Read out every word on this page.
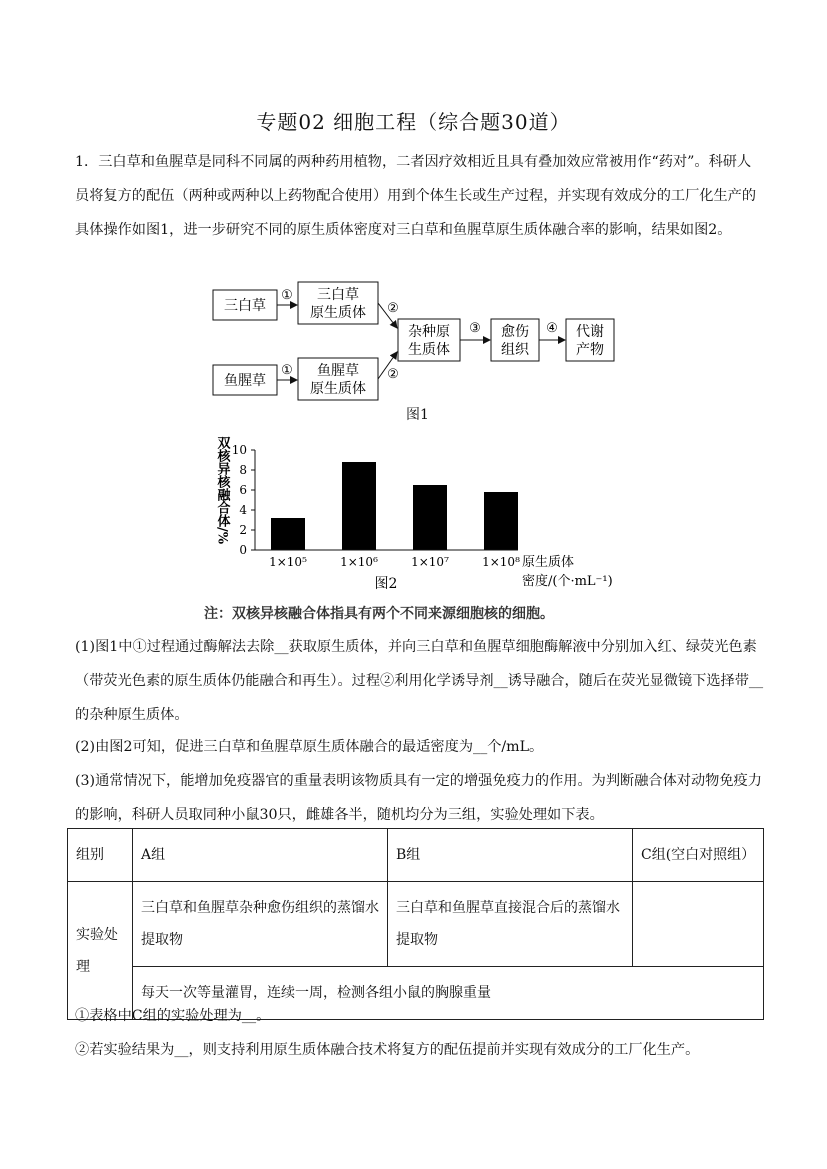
专题02 细胞工程（综合题30道）
1．三白草和鱼腥草是同科不同属的两种药用植物，二者因疗效相近且具有叠加效应常被用作“药对”。科研人员将复方的配伍（两种或两种以上药物配合使用）用到个体生长或生产过程，并实现有效成分的工厂化生产的具体操作如图1，进一步研究不同的原生质体密度对三白草和鱼腥草原生质体融合率的影响，结果如图2。
三白草
鱼腥草
三白草
原生质体
鱼腥草
原生质体
杂种原
生质体
愈伤
组织
代谢
产物
①
①
②
②
③	④
图1
双核异核融合体/%
0
2
4
6
8
10
1×10⁵	1×10⁶	1×10⁷	1×10⁸ 原生质体
密度/(个·mL⁻¹)
图2
注：双核异核融合体指具有两个不同来源细胞核的细胞。
(1)图1中①过程通过酶解法去除__获取原生质体，并向三白草和鱼腥草细胞酶解液中分别加入红、绿荧光色素（带荧光色素的原生质体仍能融合和再生）。过程②利用化学诱导剂__诱导融合，随后在荧光显微镜下选择带__的杂种原生质体。
(2)由图2可知，促进三白草和鱼腥草原生质体融合的最适密度为__个/mL。
(3)通常情况下，能增加免疫器官的重量表明该物质具有一定的增强免疫力的作用。为判断融合体对动物免疫力的影响，科研人员取同种小鼠30只，雌雄各半，随机均分为三组，实验处理如下表。
组别	A组	B组	C组(空白对照组）
实验处理	三白草和鱼腥草杂种愈伤组织的蒸馏水提取物	三白草和鱼腥草直接混合后的蒸馏水提取物	
	每天一次等量灌胃，连续一周，检测各组小鼠的胸腺重量		
①表格中C组的实验处理为__。
②若实验结果为__，则支持利用原生质体融合技术将复方的配伍提前并实现有效成分的工厂化生产。
